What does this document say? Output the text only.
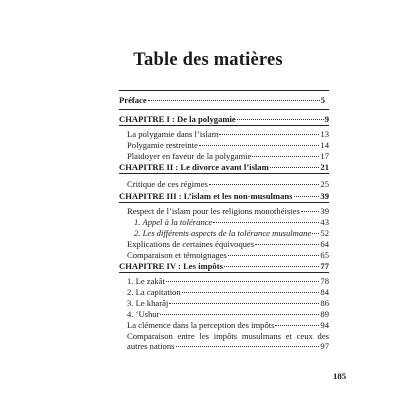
Table des matières
Préface	5
CHAPITRE I : De la polygamie	9
La polygamie dans l’islam	13
Polygamie restreinte	14
Plaidoyer en faveur de la polygamie	17
CHAPITRE II : Le divorce avant l’islam	21
Critique de ces régimes	25
CHAPITRE III : L’islam et les non-musulmans	39
Respect de l’islam pour les religions monothéistes 39
1. Appel à la tolérance	43
2. Les différents aspects de la tolérance musulmane 52
Explications de certaines équivoques	64
Comparaison et témoignages	65
CHAPITRE IV : Les impôts	77
1. Le zakât	78
2. La capitation	84
3. Le kharâj	86
4. ‘Ushur	89
La clémence dans la perception des impôts	94
Comparaison entre les impôts musulmans et ceux des
autres nations	97
185
